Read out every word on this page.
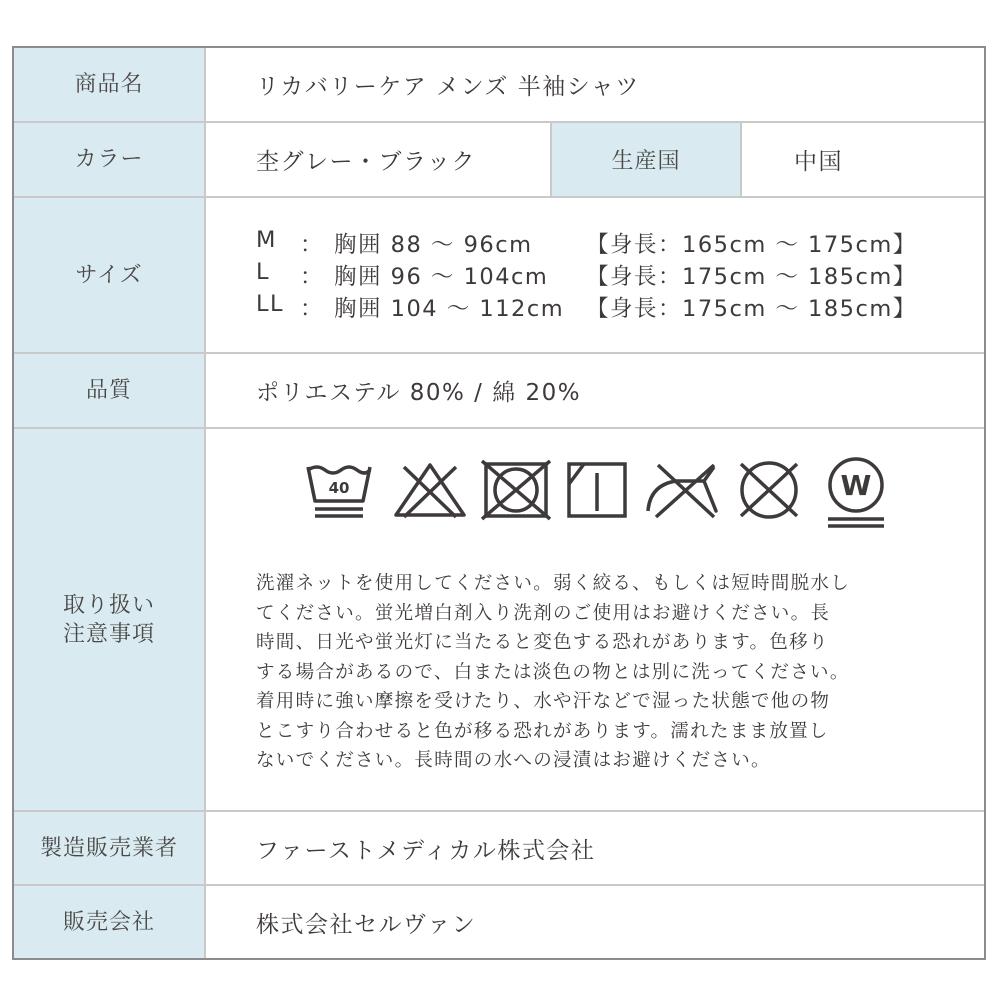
商品名	リカバリーケア メンズ 半袖シャツ
カラー	杢グレー・ブラック	生産国	中国
サイズ
M ： 胸囲 88 〜 96cm 【身長：165cm 〜 175cm】
L ： 胸囲 96 〜 104cm 【身長：175cm 〜 185cm】
LL ： 胸囲 104 〜 112cm 【身長：175cm 〜 185cm】
品質	ポリエステル 80% / 綿 20%
取り扱い
注意事項
40	W
洗濯ネットを使用してください。弱く絞る、もしくは短時間脱水し
てください。蛍光増白剤入り洗剤のご使用はお避けください。長
時間、日光や蛍光灯に当たると変色する恐れがあります。色移り
する場合があるので、白または淡色の物とは別に洗ってください。
着用時に強い摩擦を受けたり、水や汗などで湿った状態で他の物
とこすり合わせると色が移る恐れがあります。濡れたまま放置し
ないでください。長時間の水への浸漬はお避けください。
製造販売業者	ファーストメディカル株式会社
販売会社	株式会社セルヴァン
